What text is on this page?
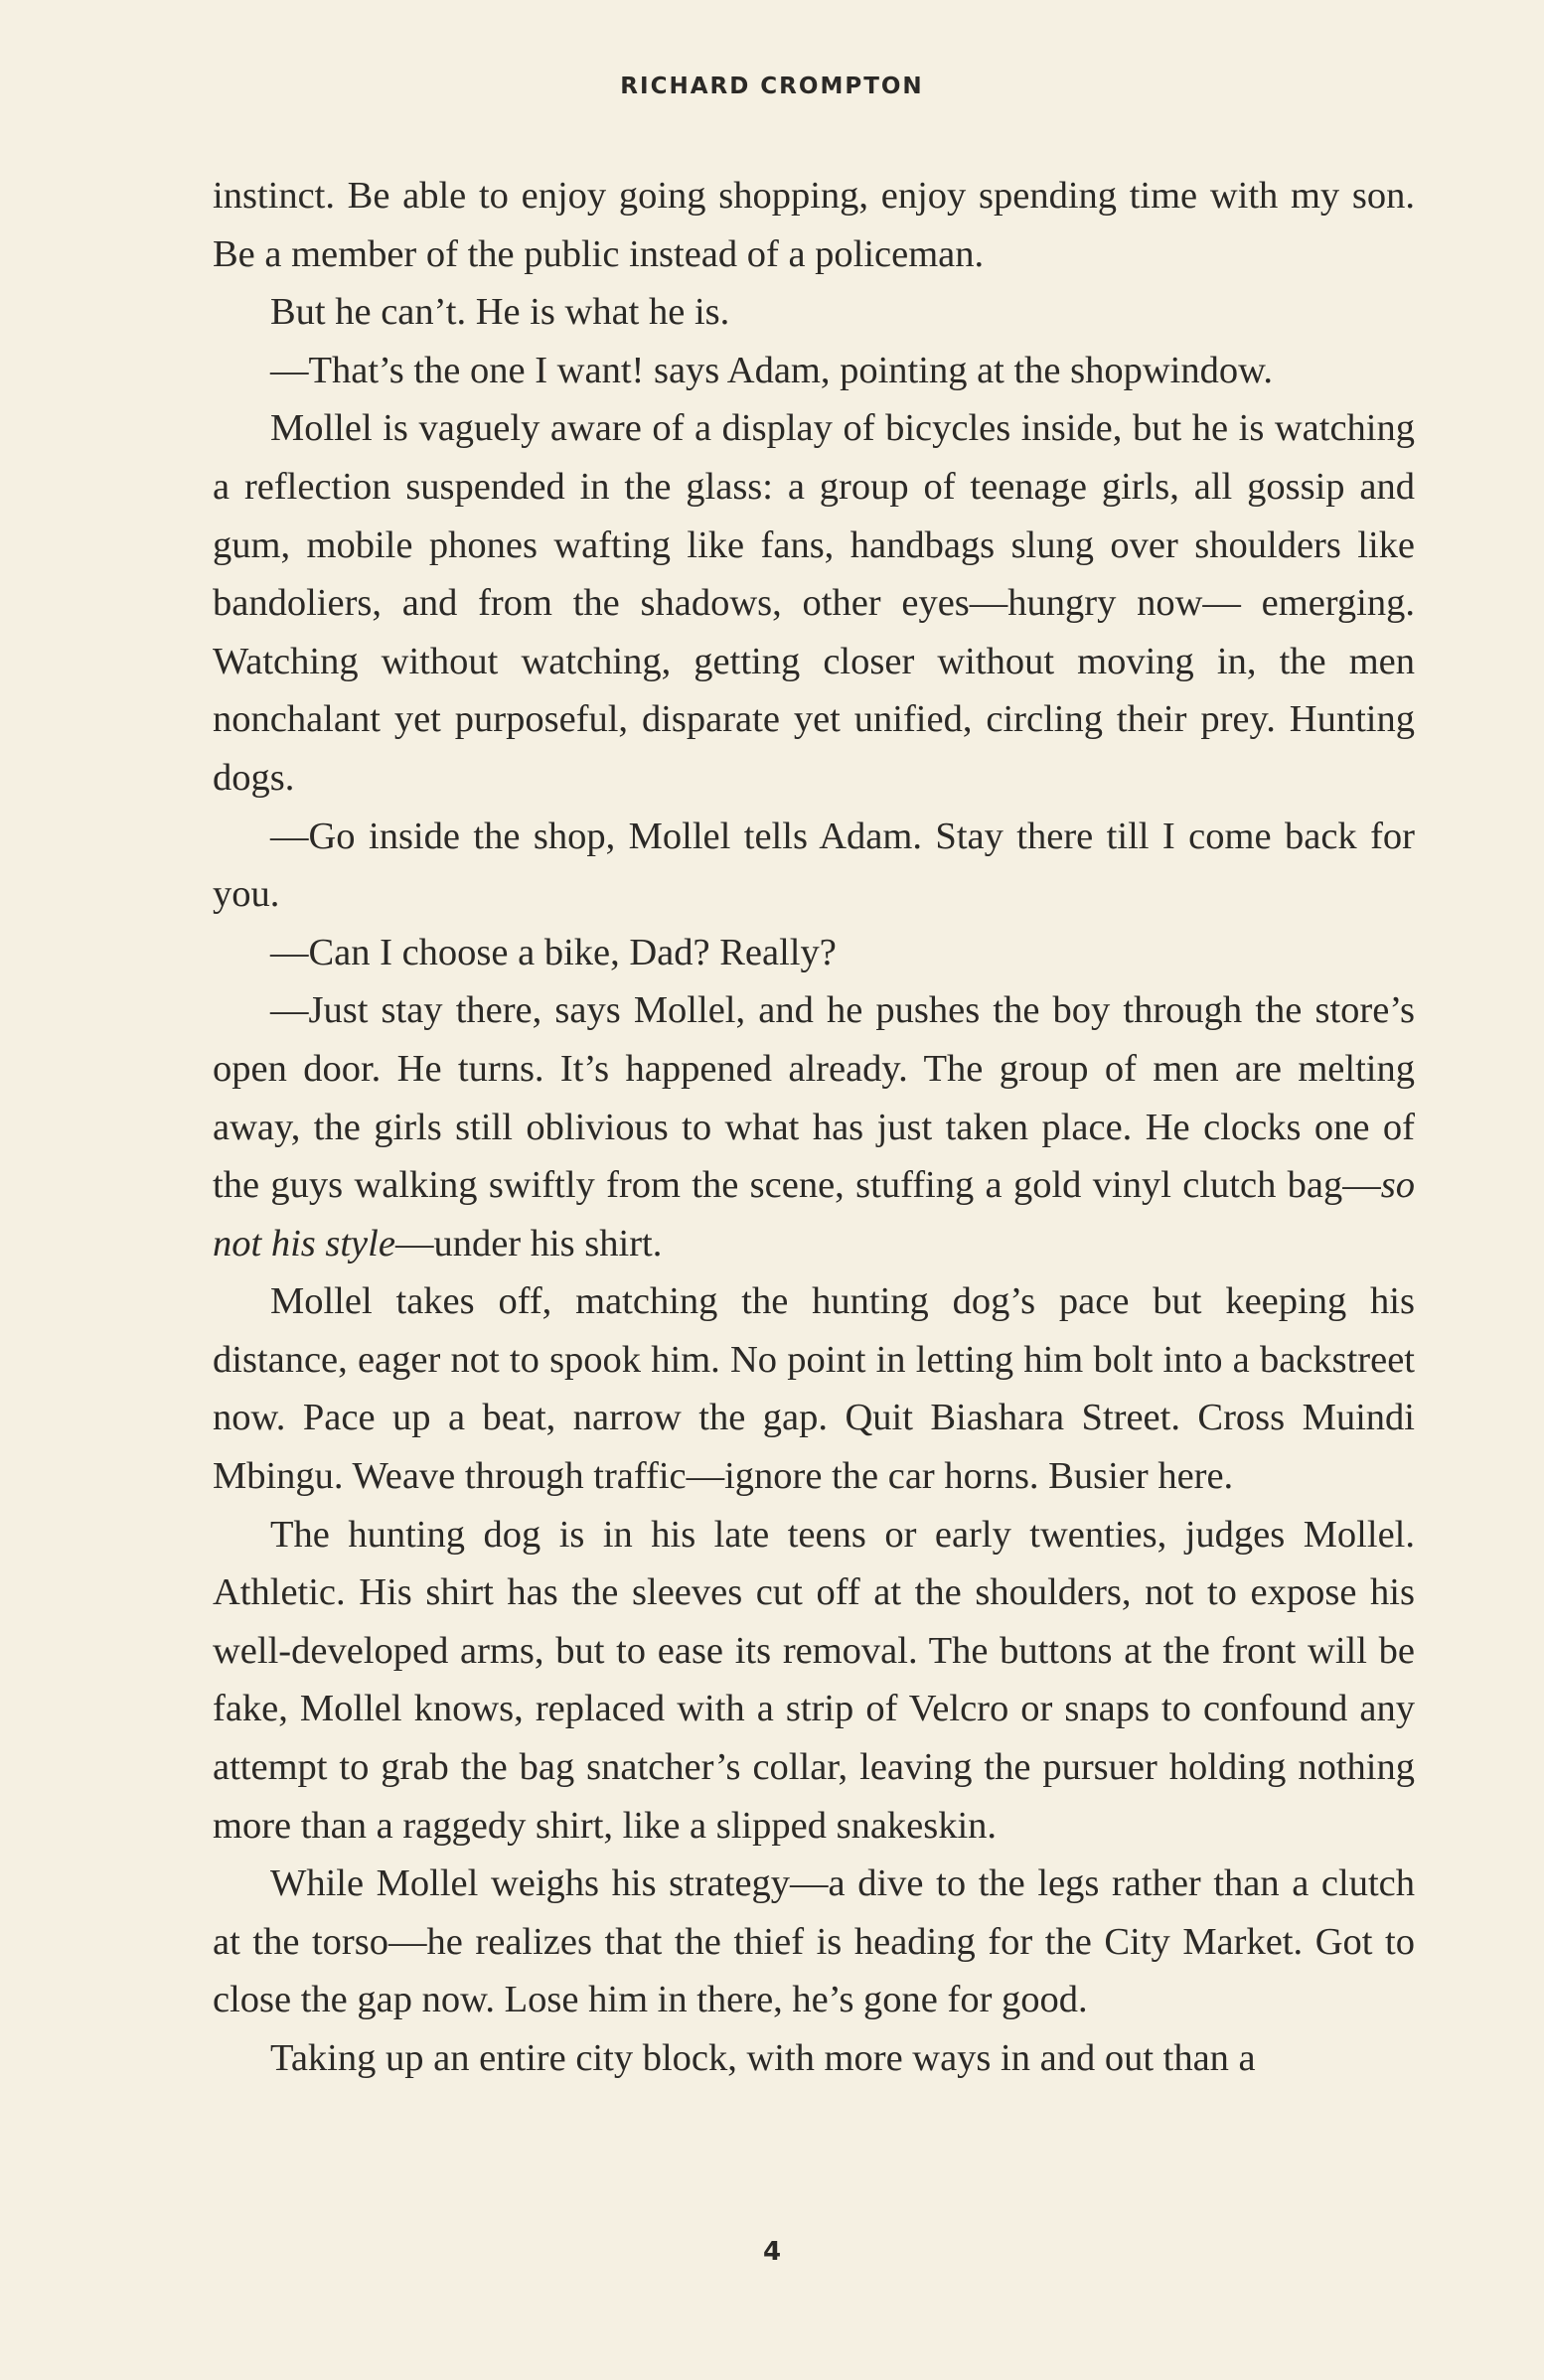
RICHARD CROMPTON

instinct. Be able to enjoy going shopping, enjoy spending time with my son. Be a member of the public instead of a policeman.

But he can’t. He is what he is.

—That’s the one I want! says Adam, pointing at the shopwindow.

Mollel is vaguely aware of a display of bicycles inside, but he is watching a reflection suspended in the glass: a group of teenage girls, all gossip and gum, mobile phones wafting like fans, handbags slung over shoulders like bandoliers, and from the shadows, other eyes—hungry now— emerging. Watching without watching, getting closer without moving in, the men nonchalant yet purposeful, disparate yet unified, circling their prey. Hunting dogs.

—Go inside the shop, Mollel tells Adam. Stay there till I come back for you.

—Can I choose a bike, Dad? Really?

—Just stay there, says Mollel, and he pushes the boy through the store’s open door. He turns. It’s happened already. The group of men are melting away, the girls still oblivious to what has just taken place. He clocks one of the guys walking swiftly from the scene, stuffing a gold vinyl clutch bag—so not his style—under his shirt.

Mollel takes off, matching the hunting dog’s pace but keeping his distance, eager not to spook him. No point in letting him bolt into a backstreet now. Pace up a beat, narrow the gap. Quit Biashara Street. Cross Muindi Mbingu. Weave through traffic—ignore the car horns. Busier here.

The hunting dog is in his late teens or early twenties, judges Mollel. Athletic. His shirt has the sleeves cut off at the shoulders, not to expose his well-developed arms, but to ease its removal. The buttons at the front will be fake, Mollel knows, replaced with a strip of Velcro or snaps to confound any attempt to grab the bag snatcher’s collar, leaving the pursuer holding nothing more than a raggedy shirt, like a slipped snakeskin.

While Mollel weighs his strategy—a dive to the legs rather than a clutch at the torso—he realizes that the thief is heading for the City Market. Got to close the gap now. Lose him in there, he’s gone for good.

Taking up an entire city block, with more ways in and out than a

4
